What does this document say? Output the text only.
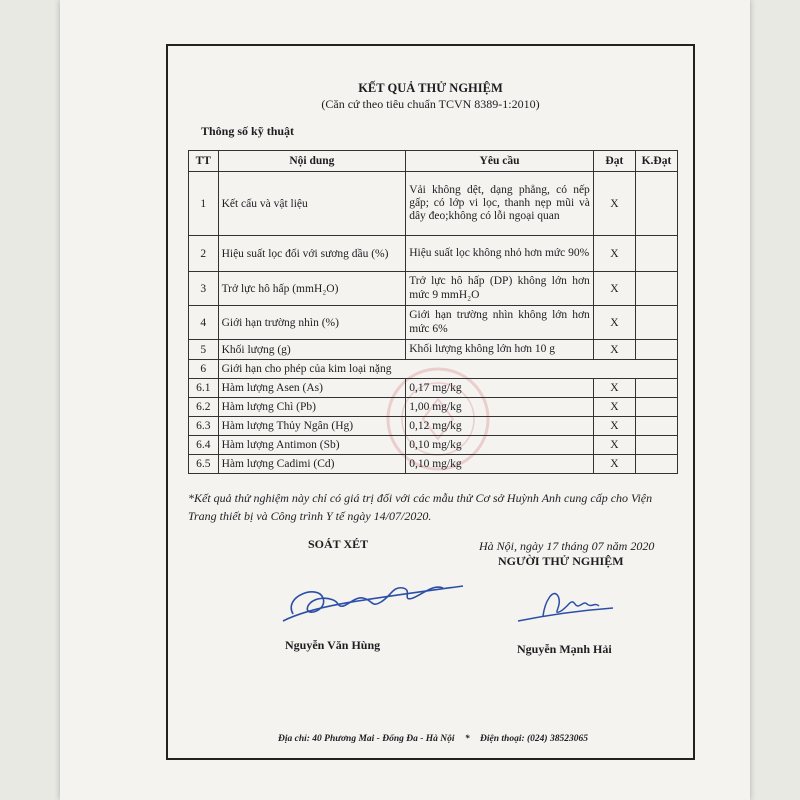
KẾT QUẢ THỬ NGHIỆM
(Căn cứ theo tiêu chuẩn TCVN 8389-1:2010)
Thông số kỹ thuật
TT	Nội dung	Yêu cầu	Đạt	K.Đạt
1	Kết cấu và vật liệu	Vải không dệt, dạng phẳng, có nếp gấp; có lớp vi lọc, thanh nẹp mũi và dây đeo;không có lỗi ngoại quan	X	
2	Hiệu suất lọc đối với sương dầu (%)	Hiệu suất lọc không nhỏ hơn mức 90%	X	
3	Trở lực hô hấp (mmH₂O)	Trở lực hô hấp (DP) không lớn hơn mức 9 mmH₂O	X	
4	Giới hạn trường nhìn (%)	Giới hạn trường nhìn không lớn hơn mức 6%	X	
5	Khối lượng (g)	Khối lượng không lớn hơn 10 g	X	
6	Giới hạn cho phép của kim loại nặng			
6.1	Hàm lượng Asen (As)	0,17 mg/kg	X	
6.2	Hàm lượng Chì (Pb)	1,00 mg/kg	X	
6.3	Hàm lượng Thủy Ngân (Hg)	0,12 mg/kg	X	
6.4	Hàm lượng Antimon (Sb)	0,10 mg/kg	X	
6.5	Hàm lượng Cadimi (Cd)	0,10 mg/kg	X	
*Kết quả thử nghiệm này chỉ có giá trị đối với các mẫu thử Cơ sở Huỳnh Anh cung cấp cho Viện Trang thiết bị và Công trình Y tế ngày 14/07/2020.
SOÁT XÉT	Hà Nội, ngày 17 tháng 07 năm 2020
NGƯỜI THỬ NGHIỆM
Nguyễn Văn Hùng	Nguyễn Mạnh Hải
Địa chỉ: 40 Phương Mai - Đống Đa - Hà Nội * Điện thoại: (024) 38523065
